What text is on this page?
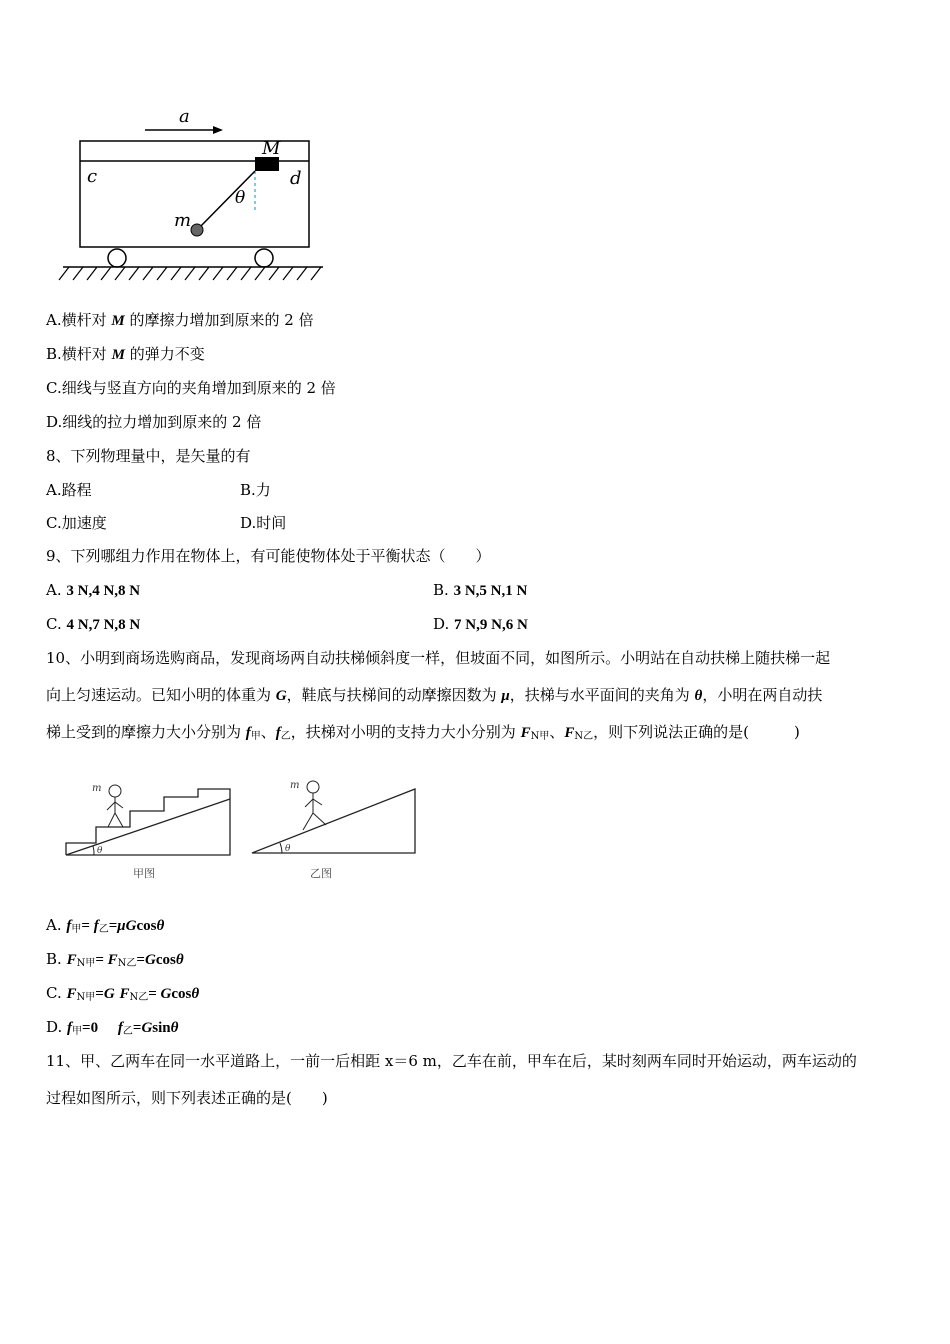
a
M
c	d
θ
m
A.横杆对 M 的摩擦力增加到原来的 2 倍
B.横杆对 M 的弹力不变
C.细线与竖直方向的夹角增加到原来的 2 倍
D.细线的拉力增加到原来的 2 倍
8、下列物理量中，是矢量的有
A.路程	B.力
C.加速度	D.时间
9、下列哪组力作用在物体上，有可能使物体处于平衡状态（　　）
A. 3 N,4 N,8 N	B. 3 N,5 N,1 N
C. 4 N,7 N,8 N	D. 7 N,9 N,6 N
10、小明到商场选购商品，发现商场两自动扶梯倾斜度一样，但坡面不同，如图所示。小明站在自动扶梯上随扶梯一起
向上匀速运动。已知小明的体重为 G，鞋底与扶梯间的动摩擦因数为 μ，扶梯与水平面间的夹角为 θ，小明在两自动扶
梯上受到的摩擦力大小分别为 $f_甲$、$f_乙$，扶梯对小明的支持力大小分别为 $F_{N甲}$、$F_{N乙}$，则下列说法正确的是(　　　)
m
θ
m
θ
甲图	乙图
A. $f_甲= f_乙=\mu Gcos\theta$
B. $F_{N甲}= F_{N乙}=Gcos\theta$
C. $F_{N甲}=G$ $F_{N乙}= Gcos\theta$
D. $f_甲=0$　 $f_乙=Gsin\theta$
11、甲、乙两车在同一水平道路上，一前一后相距 x＝6 m，乙车在前，甲车在后，某时刻两车同时开始运动，两车运动的
过程如图所示，则下列表述正确的是(　　)
